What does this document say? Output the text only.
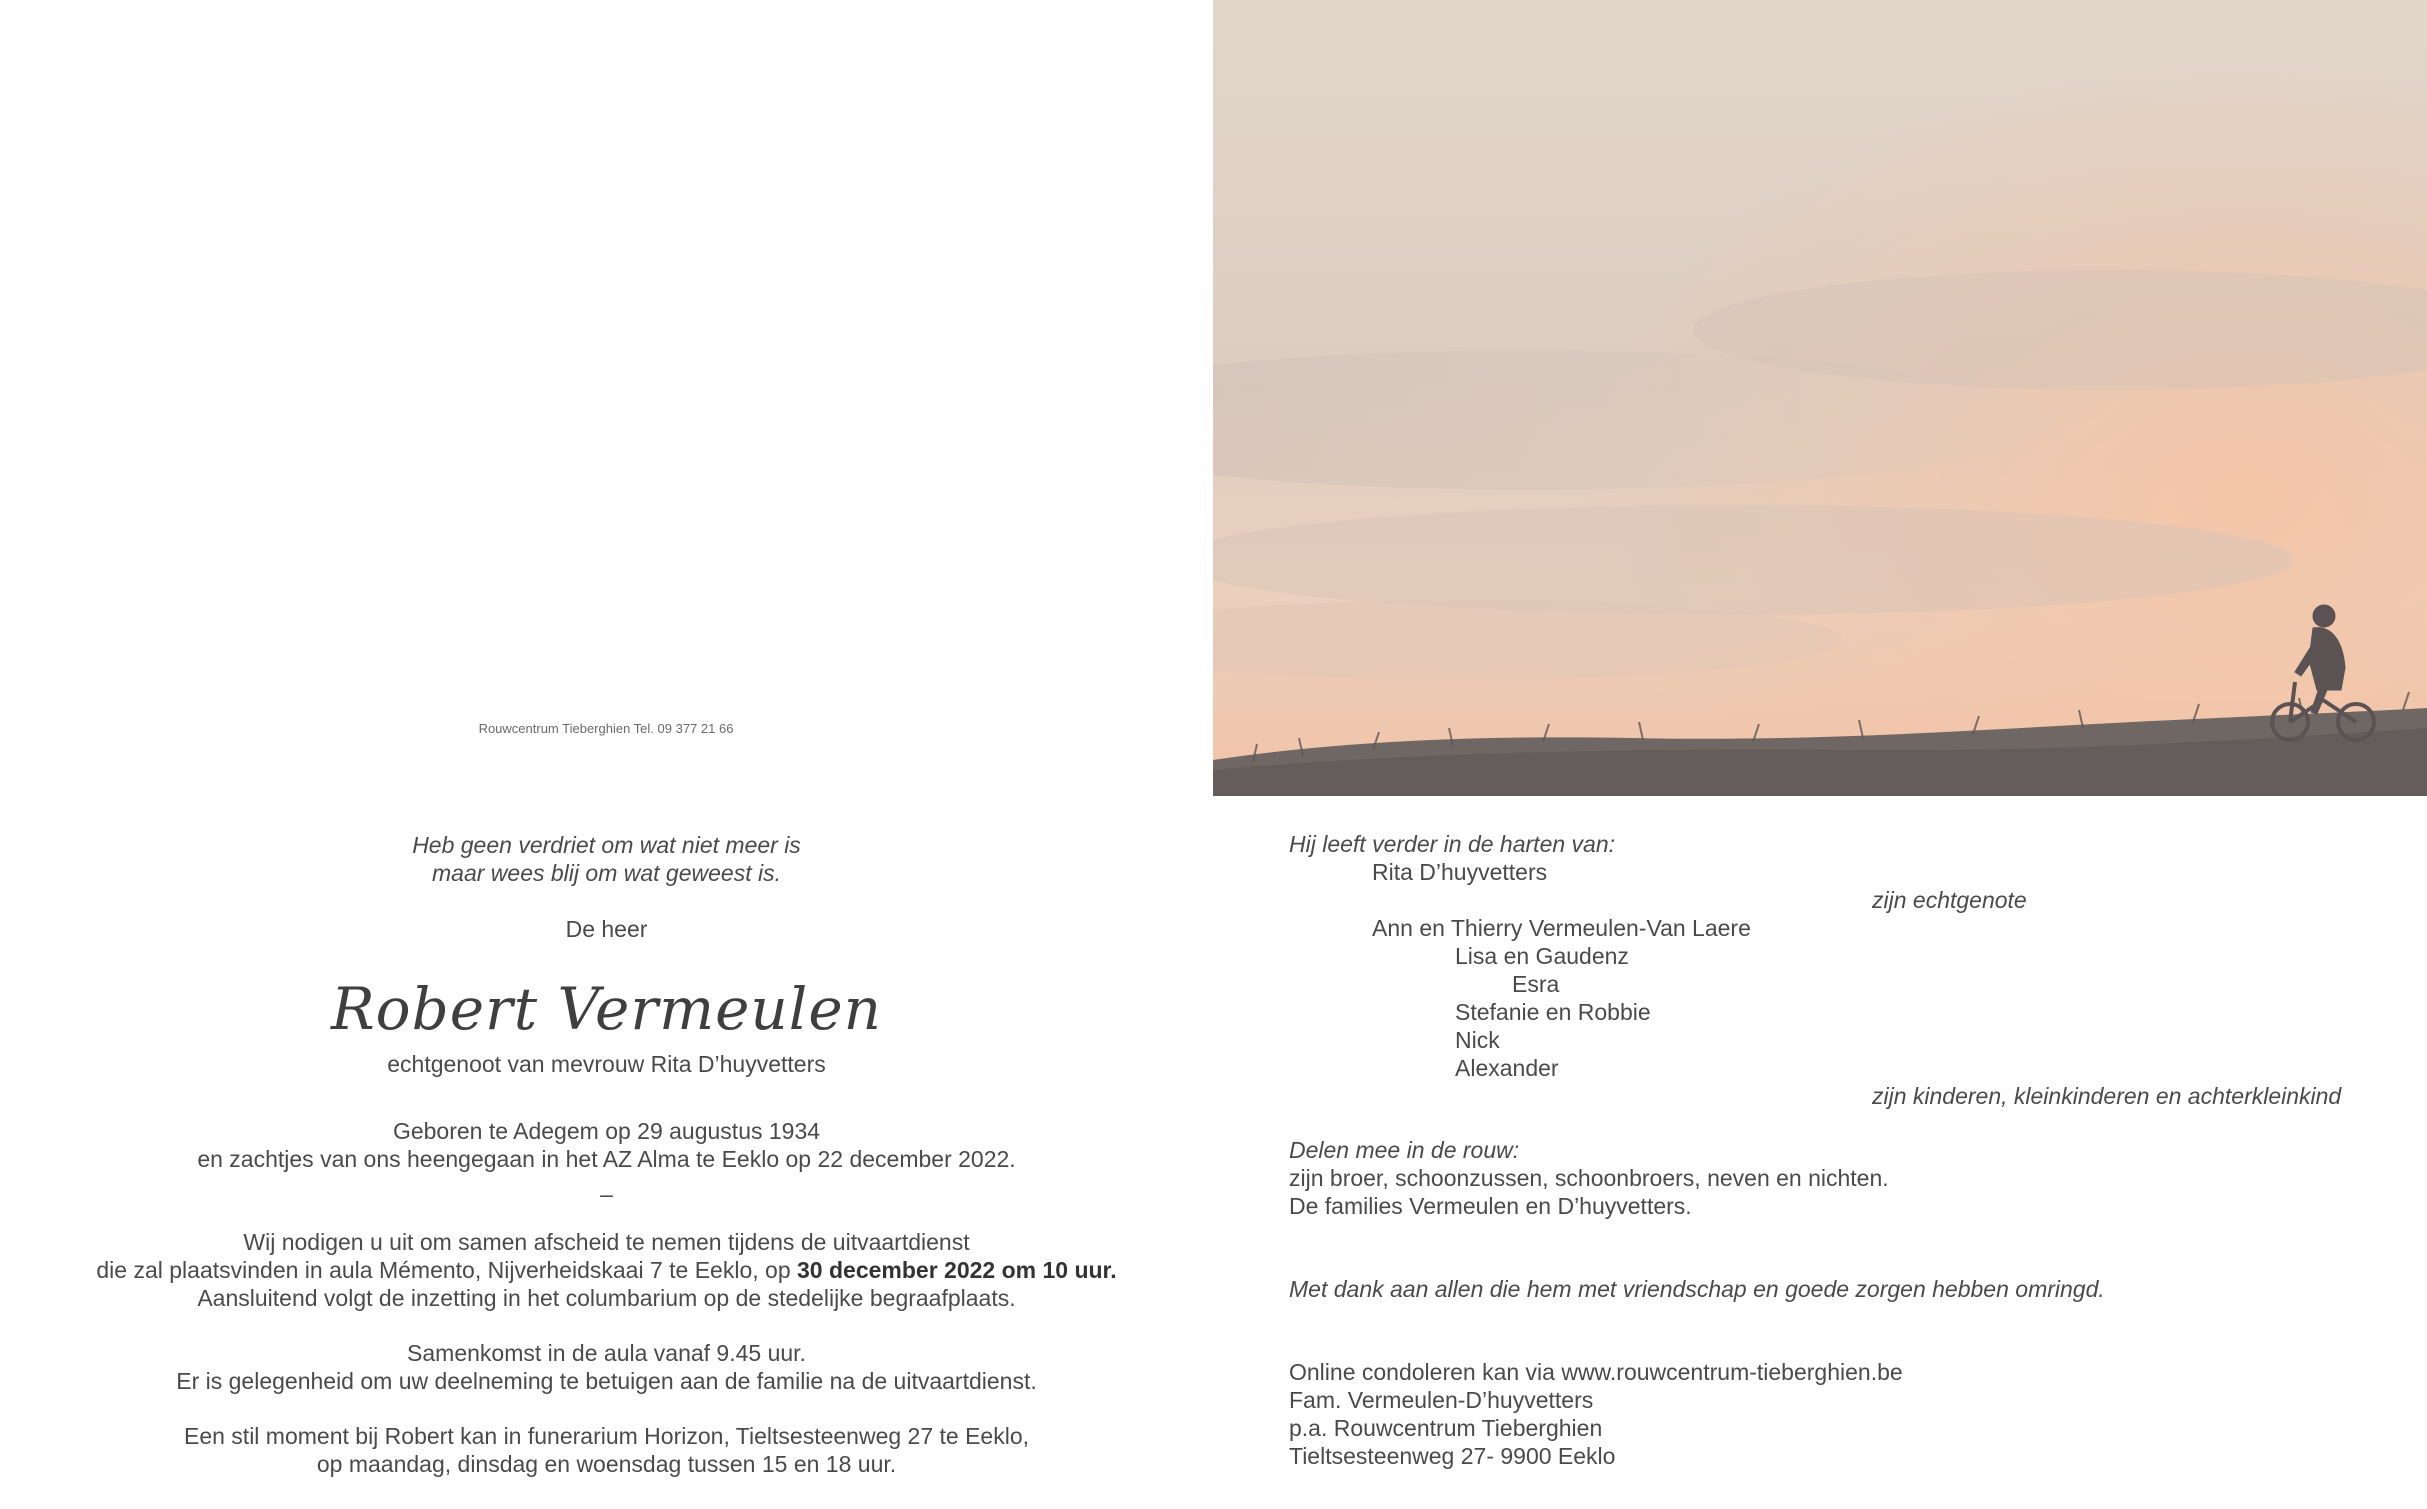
Rouwcentrum Tieberghien Tel. 09 377 21 66
Heb geen verdriet om wat niet meer is
maar wees blij om wat geweest is.
De heer
Robert Vermeulen
echtgenoot van mevrouw Rita D’huyvetters
Geboren te Adegem op 29 augustus 1934
en zachtjes van ons heengegaan in het AZ Alma te Eeklo op 22 december 2022.
–
Wij nodigen u uit om samen afscheid te nemen tijdens de uitvaartdienst
die zal plaatsvinden in aula Mémento, Nijverheidskaai 7 te Eeklo, op 30 december 2022 om 10 uur.
Aansluitend volgt de inzetting in het columbarium op de stedelijke begraafplaats.
Samenkomst in de aula vanaf 9.45 uur.
Er is gelegenheid om uw deelneming te betuigen aan de familie na de uitvaartdienst.
Een stil moment bij Robert kan in funerarium Horizon, Tieltsesteenweg 27 te Eeklo,
op maandag, dinsdag en woensdag tussen 15 en 18 uur.
Hij leeft verder in de harten van:
Rita D’huyvetters
zijn echtgenote
Ann en Thierry Vermeulen-Van Laere
Lisa en Gaudenz
Esra
Stefanie en Robbie
Nick
Alexander
zijn kinderen, kleinkinderen en achterkleinkind
Delen mee in de rouw:
zijn broer, schoonzussen, schoonbroers, neven en nichten.
De families Vermeulen en D’huyvetters.
Met dank aan allen die hem met vriendschap en goede zorgen hebben omringd.
Online condoleren kan via www.rouwcentrum-tieberghien.be
Fam. Vermeulen-D’huyvetters
p.a. Rouwcentrum Tieberghien
Tieltsesteenweg 27- 9900 Eeklo
